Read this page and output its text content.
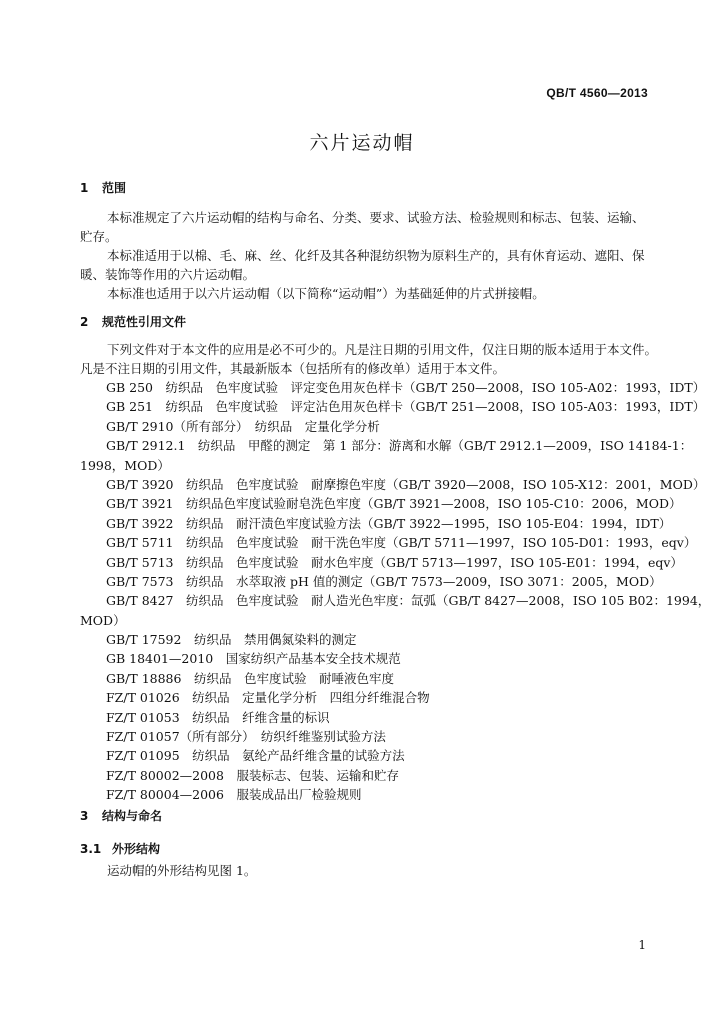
QB/T 4560—2013
六片运动帽
1 范围
本标准规定了六片运动帽的结构与命名、分类、要求、试验方法、检验规则和标志、包装、运输、
贮存。
本标准适用于以棉、毛、麻、丝、化纤及其各种混纺织物为原料生产的，具有休育运动、遮阳、保
暖、装饰等作用的六片运动帽。
本标准也适用于以六片运动帽（以下简称“运动帽”）为基础延伸的片式拼接帽。
2 规范性引用文件
下列文件对于本文件的应用是必不可少的。凡是注日期的引用文件，仅注日期的版本适用于本文件。
凡是不注日期的引用文件，其最新版本（包括所有的修改单）适用于本文件。
GB 250　纺织品　色牢度试验　评定变色用灰色样卡（GB/T 250—2008，ISO 105-A02：1993，IDT）
GB 251　纺织品　色牢度试验　评定沾色用灰色样卡（GB/T 251—2008，ISO 105-A03：1993，IDT）
GB/T 2910（所有部分）　纺织品　定量化学分析
GB/T 2912.1　纺织品　甲醛的测定　第 1 部分：游离和水解（GB/T 2912.1—2009，ISO 14184-1：
1998，MOD）
GB/T 3920　纺织品　色牢度试验　耐摩擦色牢度（GB/T 3920—2008，ISO 105-X12：2001，MOD）
GB/T 3921　纺织品色牢度试验耐皂洗色牢度（GB/T 3921—2008，ISO 105-C10：2006，MOD）
GB/T 3922　纺织品　耐汗渍色牢度试验方法（GB/T 3922—1995，ISO 105-E04：1994，IDT）
GB/T 5711　纺织品　色牢度试验　耐干洗色牢度（GB/T 5711—1997，ISO 105-D01：1993，eqv）
GB/T 5713　纺织品　色牢度试验　耐水色牢度（GB/T 5713—1997，ISO 105-E01：1994，eqv）
GB/T 7573　纺织品　水萃取液 pH 值的测定（GB/T 7573—2009，ISO 3071：2005，MOD）
GB/T 8427　纺织品　色牢度试验　耐人造光色牢度：氙弧（GB/T 8427—2008，ISO 105 B02：1994，
MOD）
GB/T 17592　纺织品　禁用偶氮染料的测定
GB 18401—2010　国家纺织产品基本安全技术规范
GB/T 18886　纺织品　色牢度试验　耐唾液色牢度
FZ/T 01026　纺织品　定量化学分析　四组分纤维混合物
FZ/T 01053　纺织品　纤维含量的标识
FZ/T 01057（所有部分）　纺织纤维鉴别试验方法
FZ/T 01095　纺织品　氨纶产品纤维含量的试验方法
FZ/T 80002—2008　服装标志、包装、运输和贮存
FZ/T 80004—2006　服装成品出厂检验规则
3 结构与命名
3.1 外形结构
运动帽的外形结构见图 1。
1
